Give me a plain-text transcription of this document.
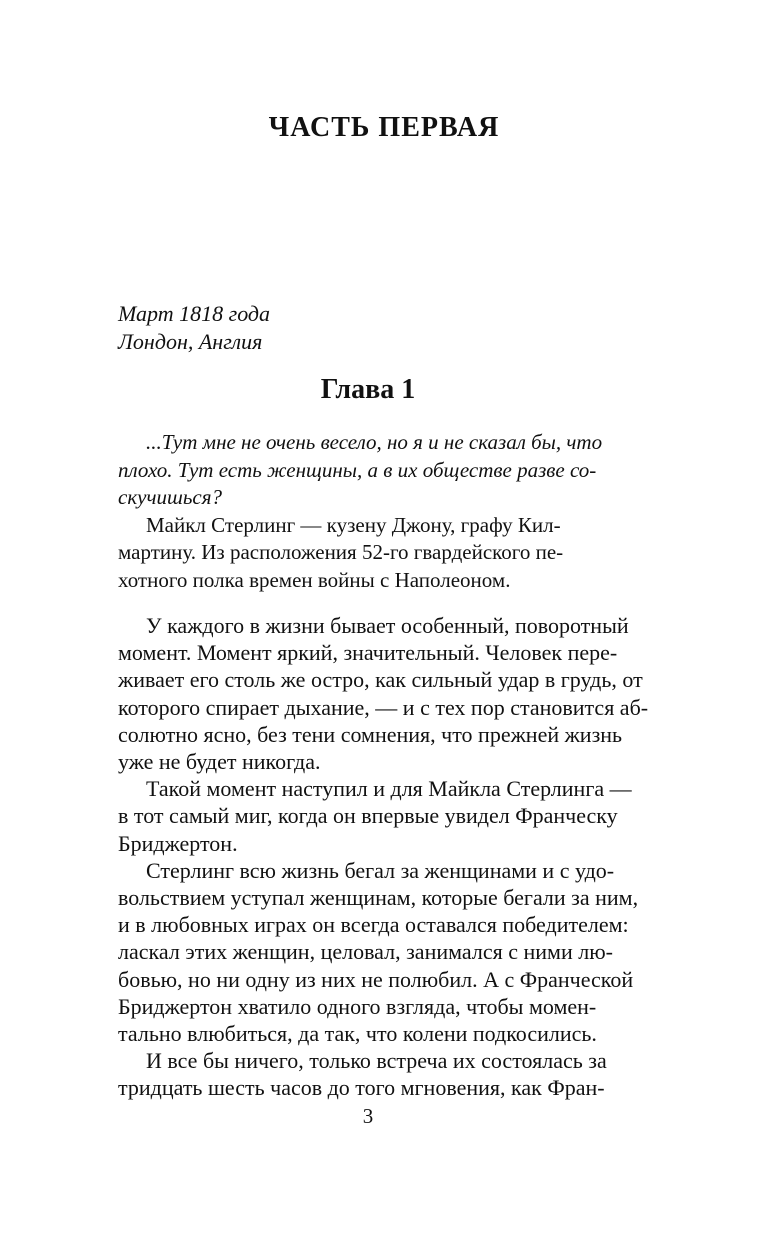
ЧАСТЬ ПЕРВАЯ
Март 1818 года
Лондон, Англия
Глава 1
...Тут мне не очень весело, но я и не сказал бы, что
плохо. Тут есть женщины, а в их обществе разве со-
скучишься?
Майкл Стерлинг — кузену Джону, графу Кил-
мартину. Из расположения 52-го гвардейского пе-
хотного полка времен войны с Наполеоном.
У каждого в жизни бывает особенный, поворотный
момент. Момент яркий, значительный. Человек пере-
живает его столь же остро, как сильный удар в грудь, от
которого спирает дыхание, — и с тех пор становится аб-
солютно ясно, без тени сомнения, что прежней жизнь
уже не будет никогда.
Такой момент наступил и для Майкла Стерлинга —
в тот самый миг, когда он впервые увидел Франческу
Бриджертон.
Стерлинг всю жизнь бегал за женщинами и с удо-
вольствием уступал женщинам, которые бегали за ним,
и в любовных играх он всегда оставался победителем:
ласкал этих женщин, целовал, занимался с ними лю-
бовью, но ни одну из них не полюбил. А с Франческой
Бриджертон хватило одного взгляда, чтобы момен-
тально влюбиться, да так, что колени подкосились.
И все бы ничего, только встреча их состоялась за
тридцать шесть часов до того мгновения, как Фран-
3
